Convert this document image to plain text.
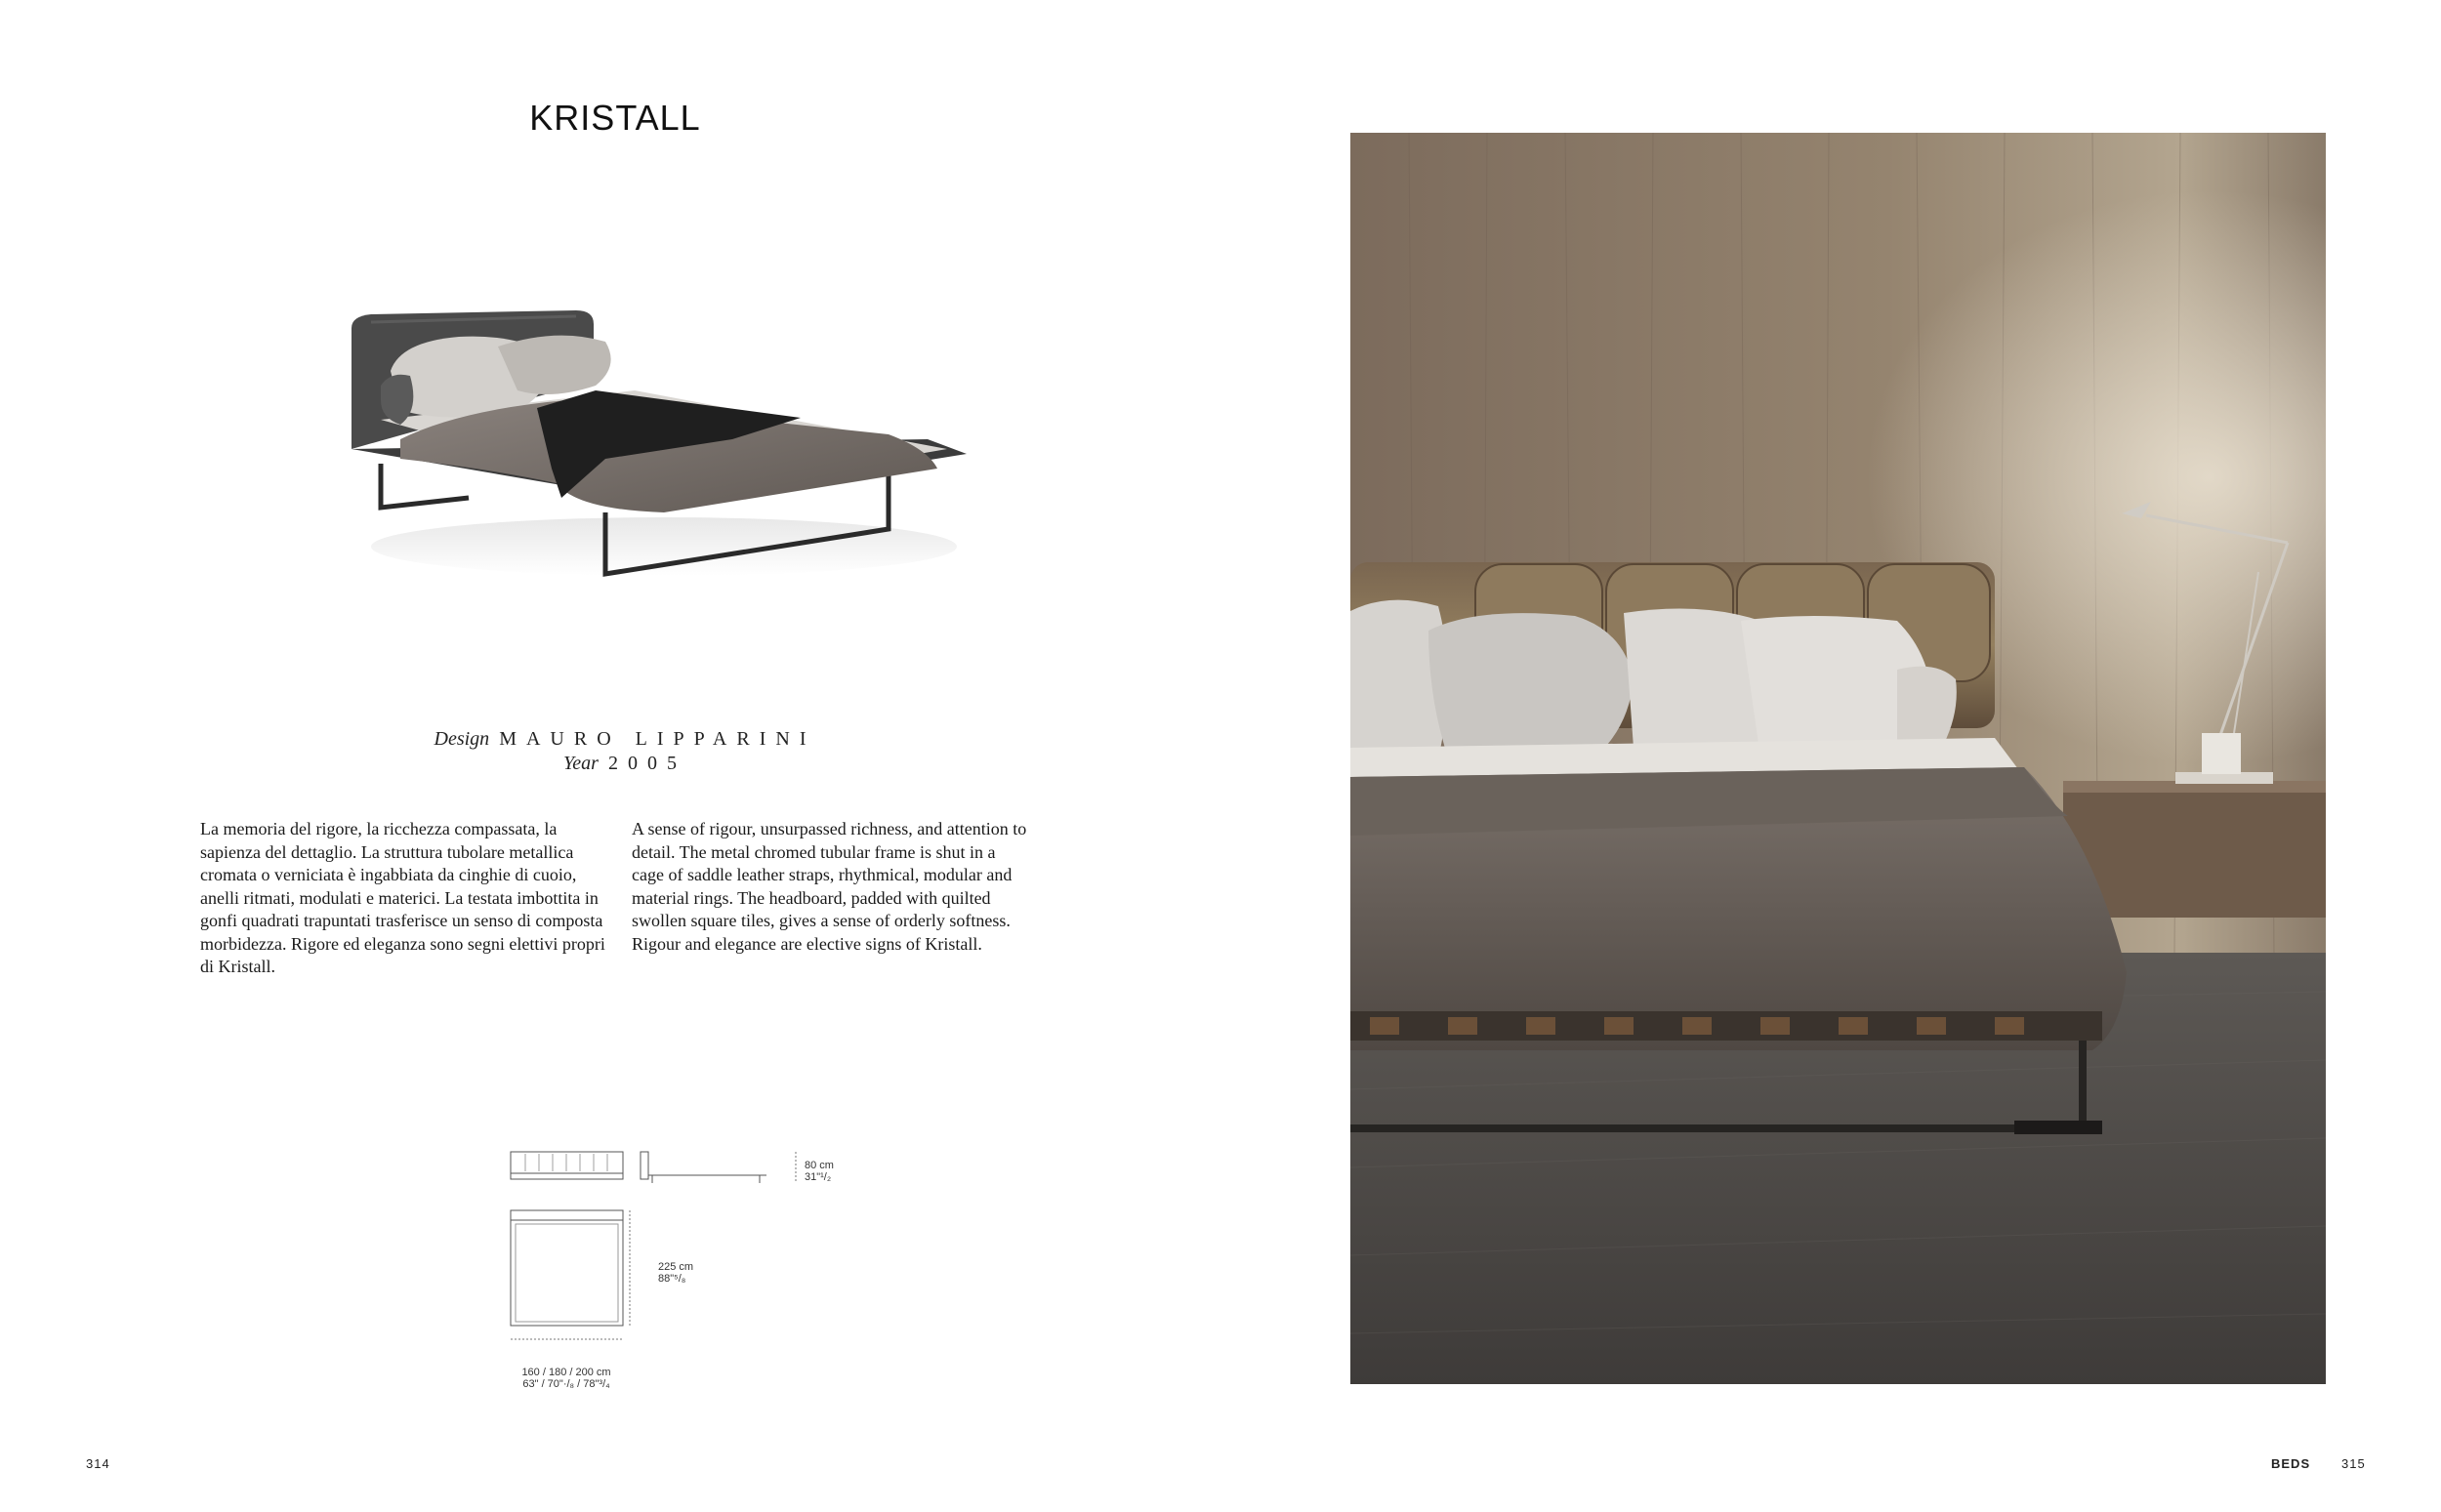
KRISTALL
Design MAURO LIPPARINI
Year 2005
La memoria del rigore, la ricchezza compassata, la sapienza del dettaglio. La struttura tubolare metallica cromata o verniciata è ingabbiata da cinghie di cuoio, anelli ritmati, modulati e materici. La testata imbottita in gonfi quadrati trapuntati trasferisce un senso di composta morbidezza. Rigore ed eleganza sono segni elettivi propri di Kristall.
A sense of rigour, unsurpassed richness, and attention to detail. The metal chromed tubular frame is shut in a cage of saddle leather straps, rhythmical, modular and material rings. The headboard, padded with quilted swollen square tiles, gives a sense of orderly softness. Rigour and elegance are elective signs of Kristall.
80 cm
31"¹/₂
225 cm
88"⁵/₈
160 / 180 / 200 cm
63" / 70"·/₈ / 78"³/₄
314	BEDS 315
